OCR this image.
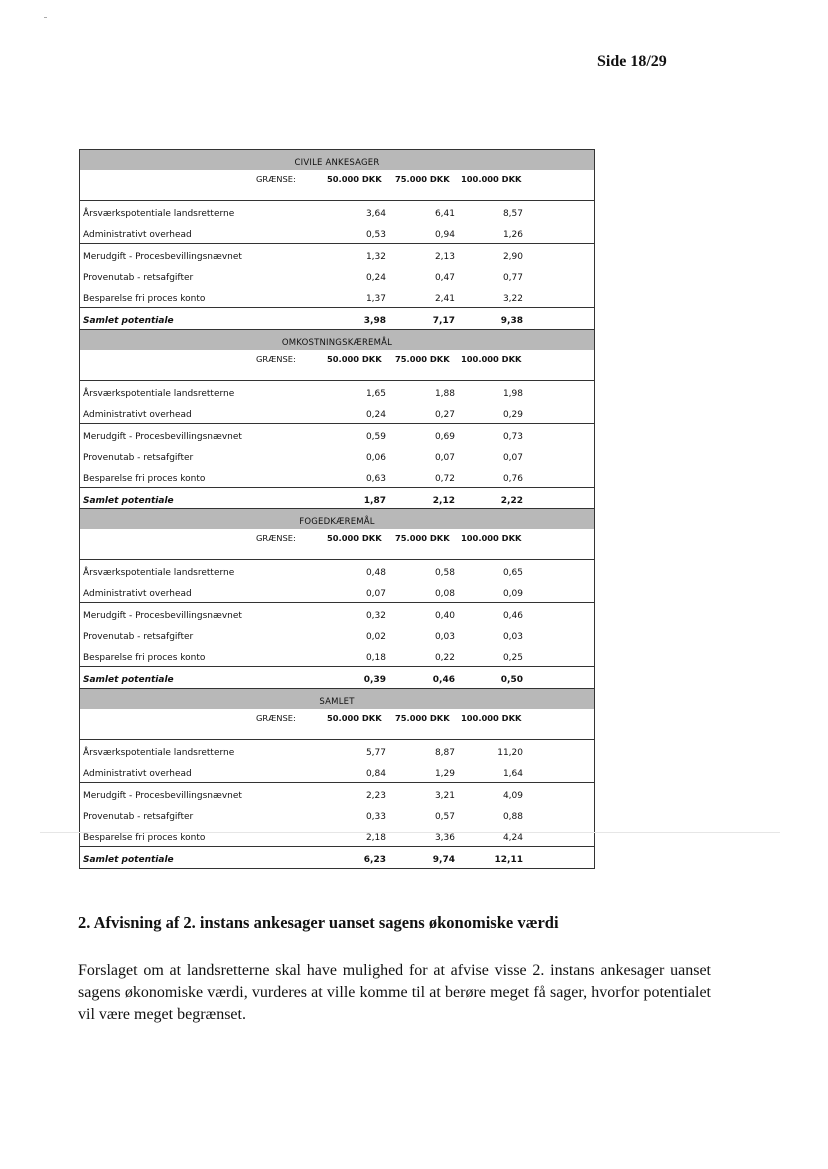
Side 18/29
CIVILE ANKESAGER
GRÆNSE:	50.000 DKK 75.000 DKK 100.000 DKK
Årsværkspotentiale landsretterne	3,64	6,41	8,57
Administrativt overhead	0,53	0,94	1,26
Merudgift - Procesbevillingsnævnet	1,32	2,13	2,90
Provenutab - retsafgifter	0,24	0,47	0,77
Besparelse fri proces konto	1,37	2,41	3,22
Samlet potentiale	3,98	7,17	9,38
OMKOSTNINGSKÆREMÅL
GRÆNSE:	50.000 DKK 75.000 DKK 100.000 DKK
Årsværkspotentiale landsretterne	1,65	1,88	1,98
Administrativt overhead	0,24	0,27	0,29
Merudgift - Procesbevillingsnævnet	0,59	0,69	0,73
Provenutab - retsafgifter	0,06	0,07	0,07
Besparelse fri proces konto	0,63	0,72	0,76
Samlet potentiale	1,87	2,12	2,22
FOGEDKÆREMÅL
GRÆNSE:	50.000 DKK 75.000 DKK 100.000 DKK
Årsværkspotentiale landsretterne	0,48	0,58	0,65
Administrativt overhead	0,07	0,08	0,09
Merudgift - Procesbevillingsnævnet	0,32	0,40	0,46
Provenutab - retsafgifter	0,02	0,03	0,03
Besparelse fri proces konto	0,18	0,22	0,25
Samlet potentiale	0,39	0,46	0,50
SAMLET
GRÆNSE:	50.000 DKK 75.000 DKK 100.000 DKK
Årsværkspotentiale landsretterne	5,77	8,87	11,20
Administrativt overhead	0,84	1,29	1,64
Merudgift - Procesbevillingsnævnet	2,23	3,21	4,09
Provenutab - retsafgifter	0,33	0,57	0,88
Besparelse fri proces konto	2,18	3,36	4,24
Samlet potentiale	6,23	9,74	12,11
2. Afvisning af 2. instans ankesager uanset sagens økonomiske værdi
Forslaget om at landsretterne skal have mulighed for at afvise visse 2. instans ankesager uanset sagens økonomiske værdi, vurderes at ville komme til at berøre meget få sager, hvorfor potentialet vil være meget begrænset.
